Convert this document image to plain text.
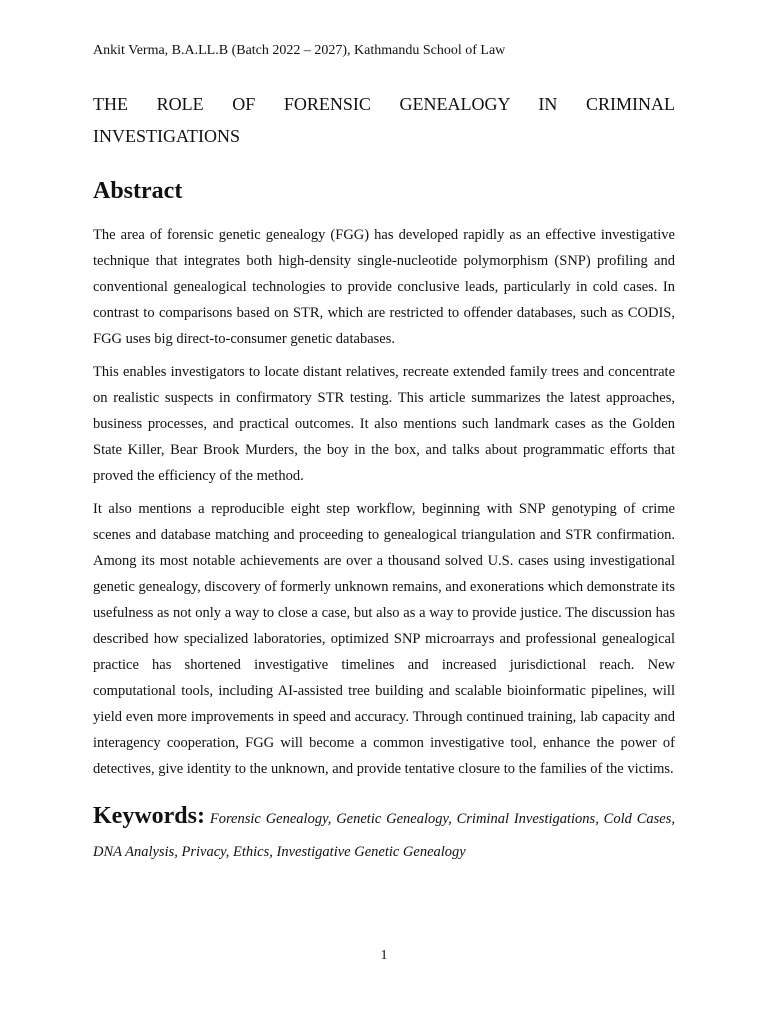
Ankit Verma, B.A.LL.B (Batch 2022 – 2027), Kathmandu School of Law
THE ROLE OF FORENSIC GENEALOGY IN CRIMINAL INVESTIGATIONS
Abstract

The area of forensic genetic genealogy (FGG) has developed rapidly as an effective investigative technique that integrates both high-density single-nucleotide polymorphism (SNP) profiling and conventional genealogical technologies to provide conclusive leads, particularly in cold cases. In contrast to comparisons based on STR, which are restricted to offender databases, such as CODIS, FGG uses big direct-to-consumer genetic databases.

This enables investigators to locate distant relatives, recreate extended family trees and concentrate on realistic suspects in confirmatory STR testing. This article summarizes the latest approaches, business processes, and practical outcomes. It also mentions such landmark cases as the Golden State Killer, Bear Brook Murders, the boy in the box, and talks about programmatic efforts that proved the efficiency of the method.

It also mentions a reproducible eight step workflow, beginning with SNP genotyping of crime scenes and database matching and proceeding to genealogical triangulation and STR confirmation. Among its most notable achievements are over a thousand solved U.S. cases using investigational genetic genealogy, discovery of formerly unknown remains, and exonerations which demonstrate its usefulness as not only a way to close a case, but also as a way to provide justice. The discussion has described how specialized laboratories, optimized SNP microarrays and professional genealogical practice has shortened investigative timelines and increased jurisdictional reach. New computational tools, including AI-assisted tree building and scalable bioinformatic pipelines, will yield even more improvements in speed and accuracy. Through continued training, lab capacity and interagency cooperation, FGG will become a common investigative tool, enhance the power of detectives, give identity to the unknown, and provide tentative closure to the families of the victims.

Keywords: Forensic Genealogy, Genetic Genealogy, Criminal Investigations, Cold Cases, DNA Analysis, Privacy, Ethics, Investigative Genetic Genealogy

1
